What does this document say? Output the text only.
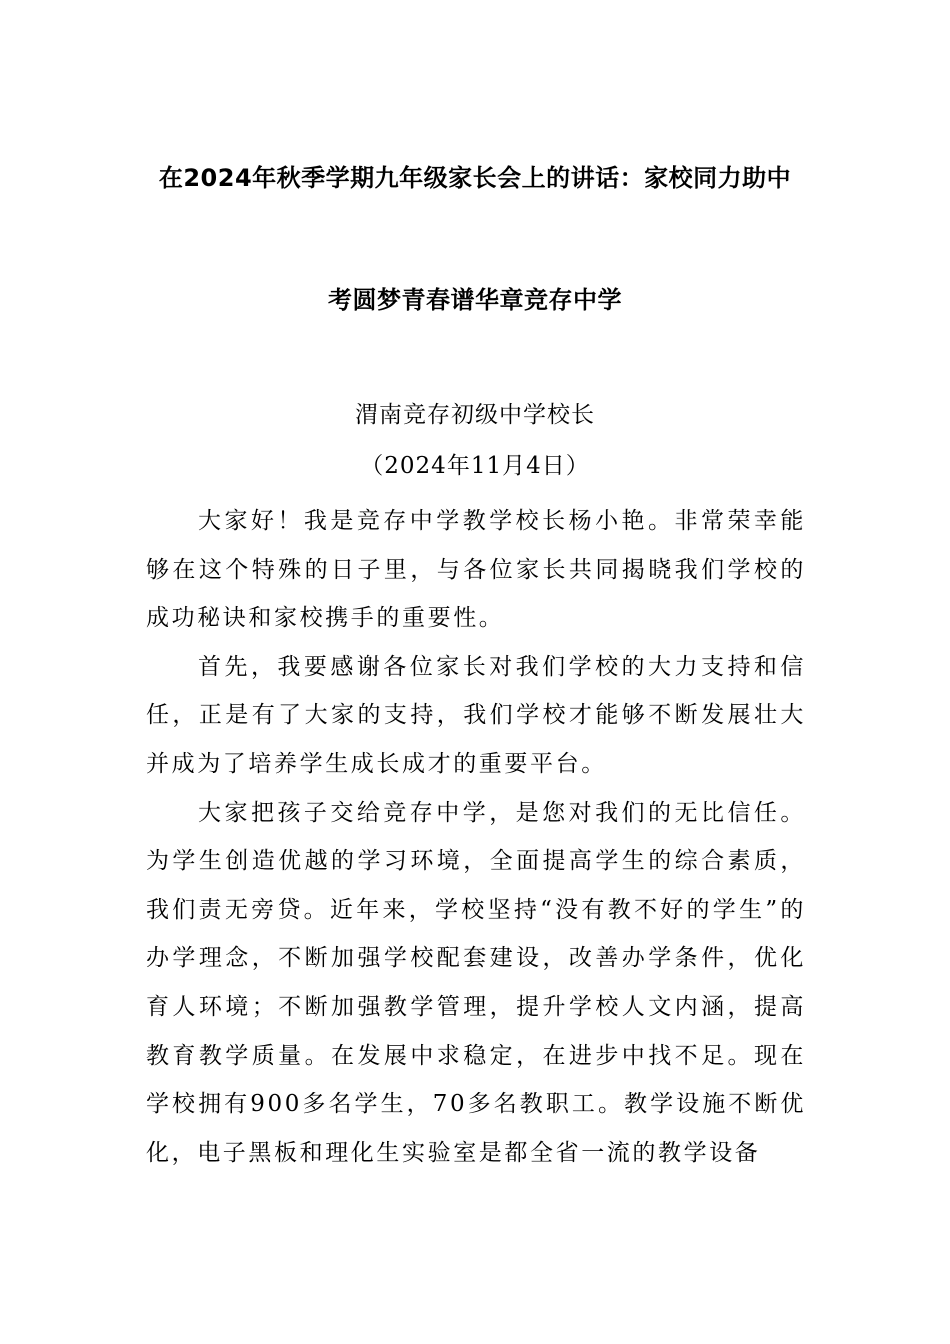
在2024年秋季学期九年级家长会上的讲话：家校同力助中
考圆梦青春谱华章竞存中学
渭南竞存初级中学校长
（2024年11月4日）

大家好！我是竞存中学教学校长杨小艳。非常荣幸能够在这个特殊的日子里，与各位家长共同揭晓我们学校的成功秘诀和家校携手的重要性。

首先，我要感谢各位家长对我们学校的大力支持和信任，正是有了大家的支持，我们学校才能够不断发展壮大并成为了培养学生成长成才的重要平台。

大家把孩子交给竞存中学，是您对我们的无比信任。为学生创造优越的学习环境，全面提高学生的综合素质，我们责无旁贷。近年来，学校坚持“没有教不好的学生”的办学理念，不断加强学校配套建设，改善办学条件，优化育人环境；不断加强教学管理，提升学校人文内涵，提高教育教学质量。在发展中求稳定，在进步中找不足。现在学校拥有900多名学生，70多名教职工。教学设施不断优化，电子黑板和理化生实验室是都全省一流的教学设备
